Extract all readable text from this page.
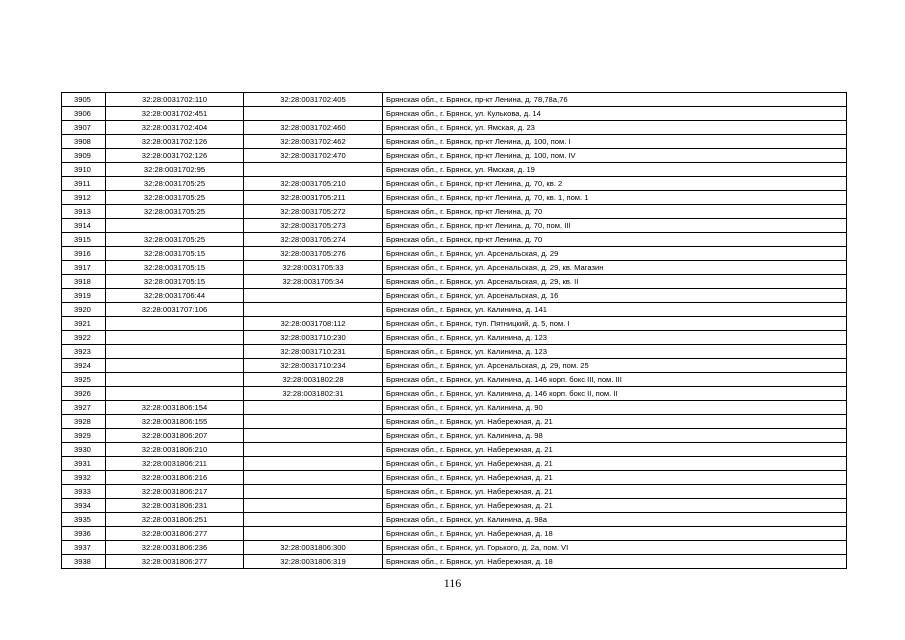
3905	32:28:0031702:110	32:28:0031702:405	Брянская обл., г. Брянск, пр-кт Ленина, д. 78,78а,76
3906	32:28:0031702:451		Брянская обл., г. Брянск, ул. Кулькова, д. 14
3907	32:28:0031702:404	32:28:0031702:460	Брянская обл., г. Брянск, ул. Ямская, д. 23
3908	32:28:0031702:126	32:28:0031702:462	Брянская обл., г. Брянск, пр-кт Ленина, д. 100, пом. I
3909	32:28:0031702:126	32:28:0031702:470	Брянская обл., г. Брянск, пр-кт Ленина, д. 100, пом. IV
3910	32:28:0031702:95		Брянская обл., г. Брянск, ул. Ямская, д. 19
3911	32:28:0031705:25	32:28:0031705:210	Брянская обл., г. Брянск, пр-кт Ленина, д. 70, кв. 2
3912	32:28:0031705:25	32:28:0031705:211	Брянская обл., г. Брянск, пр-кт Ленина, д. 70, кв. 1, пом. 1
3913	32:28:0031705:25	32:28:0031705:272	Брянская обл., г. Брянск, пр-кт Ленина, д. 70
3914		32:28:0031705:273	Брянская обл., г. Брянск, пр-кт Ленина, д. 70, пом. III
3915	32:28:0031705:25	32:28:0031705:274	Брянская обл., г. Брянск, пр-кт Ленина, д. 70
3916	32:28:0031705:15	32:28:0031705:276	Брянская обл., г. Брянск, ул. Арсенальская, д. 29
3917	32:28:0031705:15	32:28:0031705:33	Брянская обл., г. Брянск, ул. Арсенальская, д. 29, кв. Магазин
3918	32:28:0031705:15	32:28:0031705:34	Брянская обл., г. Брянск, ул. Арсенальская, д. 29, кв. II
3919	32:28:0031706:44		Брянская обл., г. Брянск, ул. Арсенальская, д. 16
3920	32:28:0031707:106		Брянская обл., г. Брянск, ул. Калинина, д. 141
3921		32:28:0031708:112	Брянская обл., г. Брянск, туп. Пятницкий, д. 5, пом. I
3922		32:28:0031710:230	Брянская обл., г. Брянск, ул. Калинина, д. 123
3923		32:28:0031710:231	Брянская обл., г. Брянск, ул. Калинина, д. 123
3924		32:28:0031710:234	Брянская обл., г. Брянск, ул. Арсенальская, д. 29, пом. 25
3925		32:28:0031802:28	Брянская обл., г. Брянск, ул. Калинина, д. 146 корп. бокс III, пом. III
3926		32:28:0031802:31	Брянская обл., г. Брянск, ул. Калинина, д. 146 корп. бокс II, пом. II
3927	32:28:0031806:154		Брянская обл., г. Брянск, ул. Калинина, д. 90
3928	32:28:0031806:155		Брянская обл., г. Брянск, ул. Набережная, д. 21
3929	32:28:0031806:207		Брянская обл., г. Брянск, ул. Калинина, д. 98
3930	32:28:0031806:210		Брянская обл., г. Брянск, ул. Набережная, д. 21
3931	32:28:0031806:211		Брянская обл., г. Брянск, ул. Набережная, д. 21
3932	32:28:0031806:216		Брянская обл., г. Брянск, ул. Набережная, д. 21
3933	32:28:0031806:217		Брянская обл., г. Брянск, ул. Набережная, д. 21
3934	32:28:0031806:231		Брянская обл., г. Брянск, ул. Набережная, д. 21
3935	32:28:0031806:251		Брянская обл., г. Брянск, ул. Калинина, д. 98а
3936	32:28:0031806:277		Брянская обл., г. Брянск, ул. Набережная, д. 18
3937	32:28:0031806:236	32:28:0031806:300	Брянская обл., г. Брянск, ул. Горького, д. 2а, пом. VI
3938	32:28:0031806:277	32:28:0031806:319	Брянская обл., г. Брянск, ул. Набережная, д. 18
116
